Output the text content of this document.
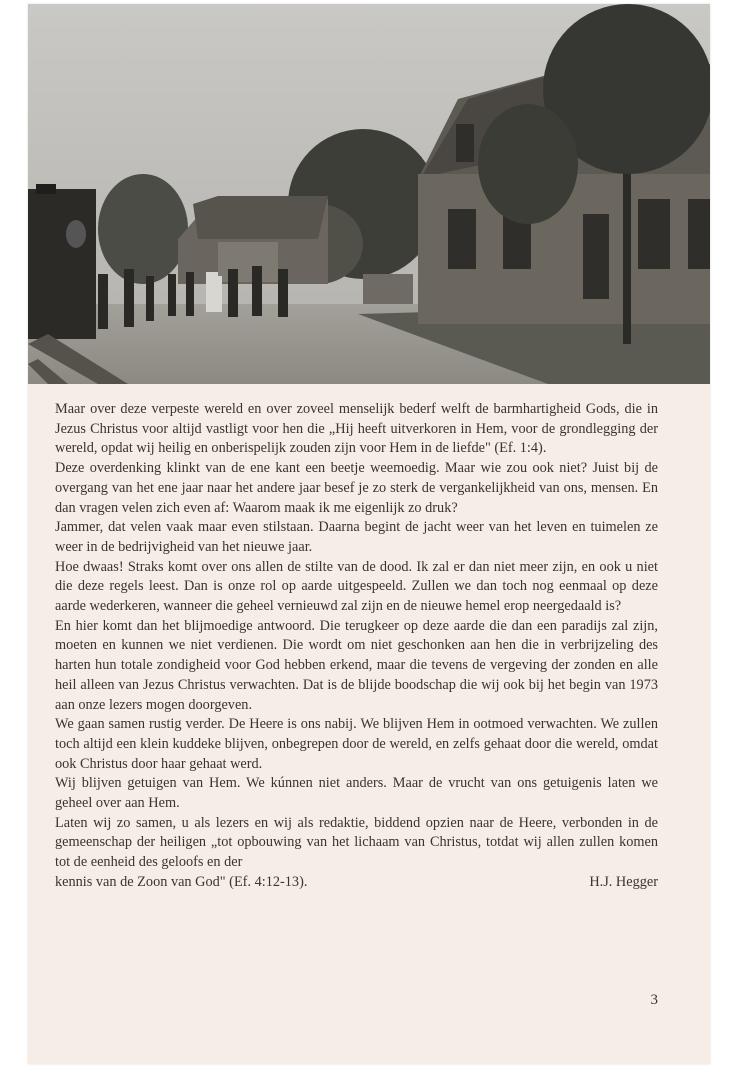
Maar over deze verpeste wereld en over zoveel menselijk bederf welft de barmhartigheid Gods, die in Jezus Christus voor altijd vastligt voor hen die „Hij heeft uitverkoren in Hem, voor de grondlegging der wereld, opdat wij heilig en onberispelijk zouden zijn voor Hem in de liefde" (Ef. 1:4).

Deze overdenking klinkt van de ene kant een beetje weemoedig. Maar wie zou ook niet? Juist bij de overgang van het ene jaar naar het andere jaar besef je zo sterk de vergankelijkheid van ons, mensen. En dan vragen velen zich even af: Waarom maak ik me eigenlijk zo druk?

Jammer, dat velen vaak maar even stilstaan. Daarna begint de jacht weer van het leven en tuimelen ze weer in de bedrijvigheid van het nieuwe jaar.

Hoe dwaas! Straks komt over ons allen de stilte van de dood. Ik zal er dan niet meer zijn, en ook u niet die deze regels leest. Dan is onze rol op aarde uitgespeeld. Zullen we dan toch nog eenmaal op deze aarde wederkeren, wanneer die geheel vernieuwd zal zijn en de nieuwe hemel erop neergedaald is?

En hier komt dan het blijmoedige antwoord. Die terugkeer op deze aarde die dan een paradijs zal zijn, moeten en kunnen we niet verdienen. Die wordt om niet geschonken aan hen die in verbrijzeling des harten hun totale zondigheid voor God hebben erkend, maar die tevens de vergeving der zonden en alle heil alleen van Jezus Christus verwachten. Dat is de blijde boodschap die wij ook bij het begin van 1973 aan onze lezers mogen doorgeven.

We gaan samen rustig verder. De Heere is ons nabij. We blijven Hem in ootmoed verwachten. We zullen toch altijd een klein kuddeke blijven, onbegrepen door de wereld, en zelfs gehaat door die wereld, omdat ook Christus door haar gehaat werd.

Wij blijven getuigen van Hem. We kúnnen niet anders. Maar de vrucht van ons getuigenis laten we geheel over aan Hem.

Laten wij zo samen, u als lezers en wij als redaktie, biddend opzien naar de Heere, verbonden in de gemeenschap der heiligen „tot opbouwing van het lichaam van Christus, totdat wij allen zullen komen tot de eenheid des geloofs en der

kennis van de Zoon van God" (Ef. 4:12-13).	H.J. Hegger
3
